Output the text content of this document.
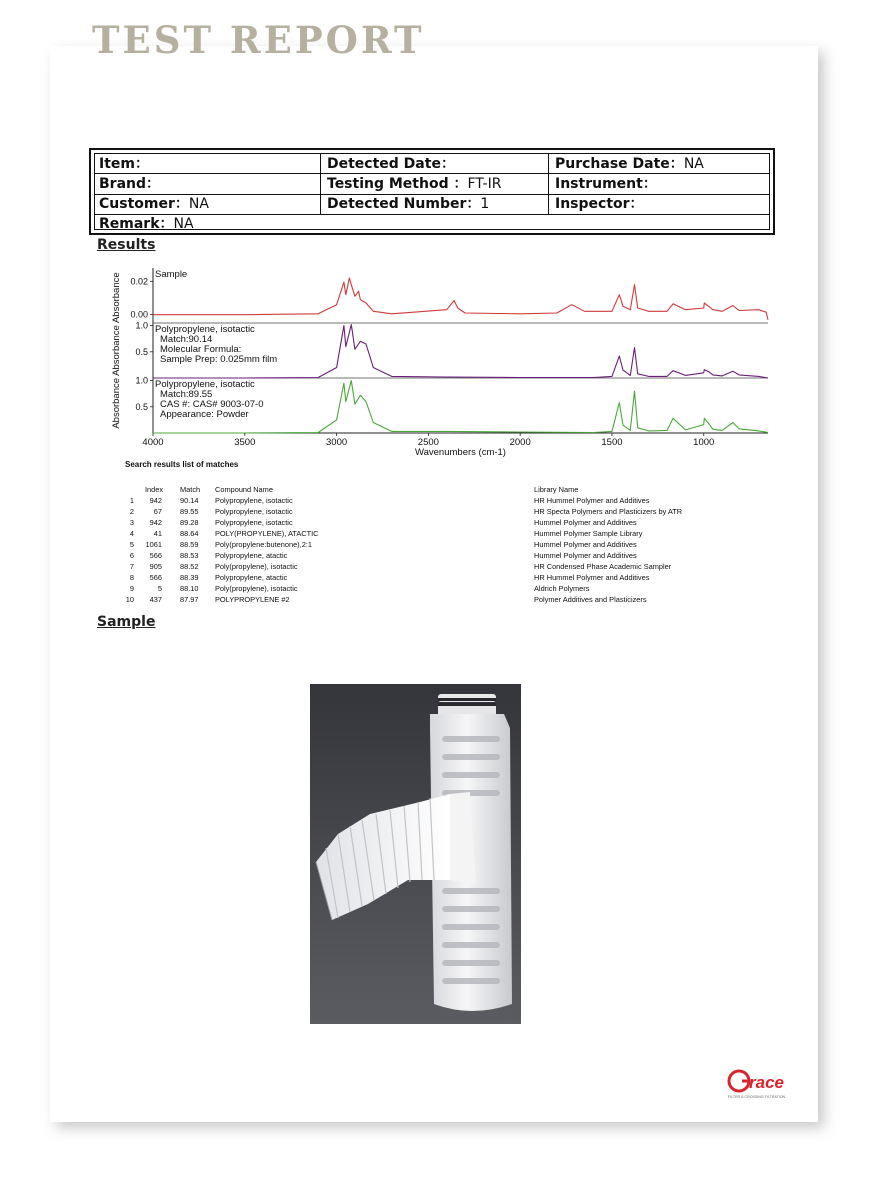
TEST REPORT
Item：	Detected Date：	Purchase Date：NA
Brand：	Testing Method ：FT-IR	Instrument：
Customer：NA	Detected Number：1	Inspector：
Remark：NA
Results
0.02
0.00
Sample
1.0
0.5
Polypropylene, isotactic
Match:90.14
Molecular Formula:
Sample Prep: 0.025mm film
1.0
0.5
Polypropylene, isotactic
Match:89.55
CAS #: CAS# 9003-07-0
Appearance: Powder
4000	3500	3000	2500	2000	1500	1000
Wavenumbers (cm-1)
Absorbance Absorbance Absorbance
Search results list of matches
Index Match Compound Name	Library Name
1	942 90.14 Polypropylene, isotactic	HR Hummel Polymer and Additives
2	67 89.55 Polypropylene, isotactic	HR Specta Polymers and Plasticizers by ATR
3	942 89.28 Polypropylene, isotactic	Hummel Polymer and Additives
4	41 88.64 POLY(PROPYLENE), ATACTIC	Hummel Polymer Sample Library
5 1061 88.59 Poly(propylene:butenone),2:1	Hummel Polymer and Additives
6	566 88.53 Polypropylene, atactic	Hummel Polymer and Additives
7	905 88.52 Poly(propylene), isotactic	HR Condensed Phase Academic Sampler
8	566 88.39 Polypropylene, atactic	HR Hummel Polymer and Additives
9	5 88.10 Poly(propylene), isotactic	Aldrich Polymers
10	437 87.97 POLYPROPYLENE #2	Polymer Additives and Plasticizers
Sample
race
FILTER & CROSSING FILTRATION
